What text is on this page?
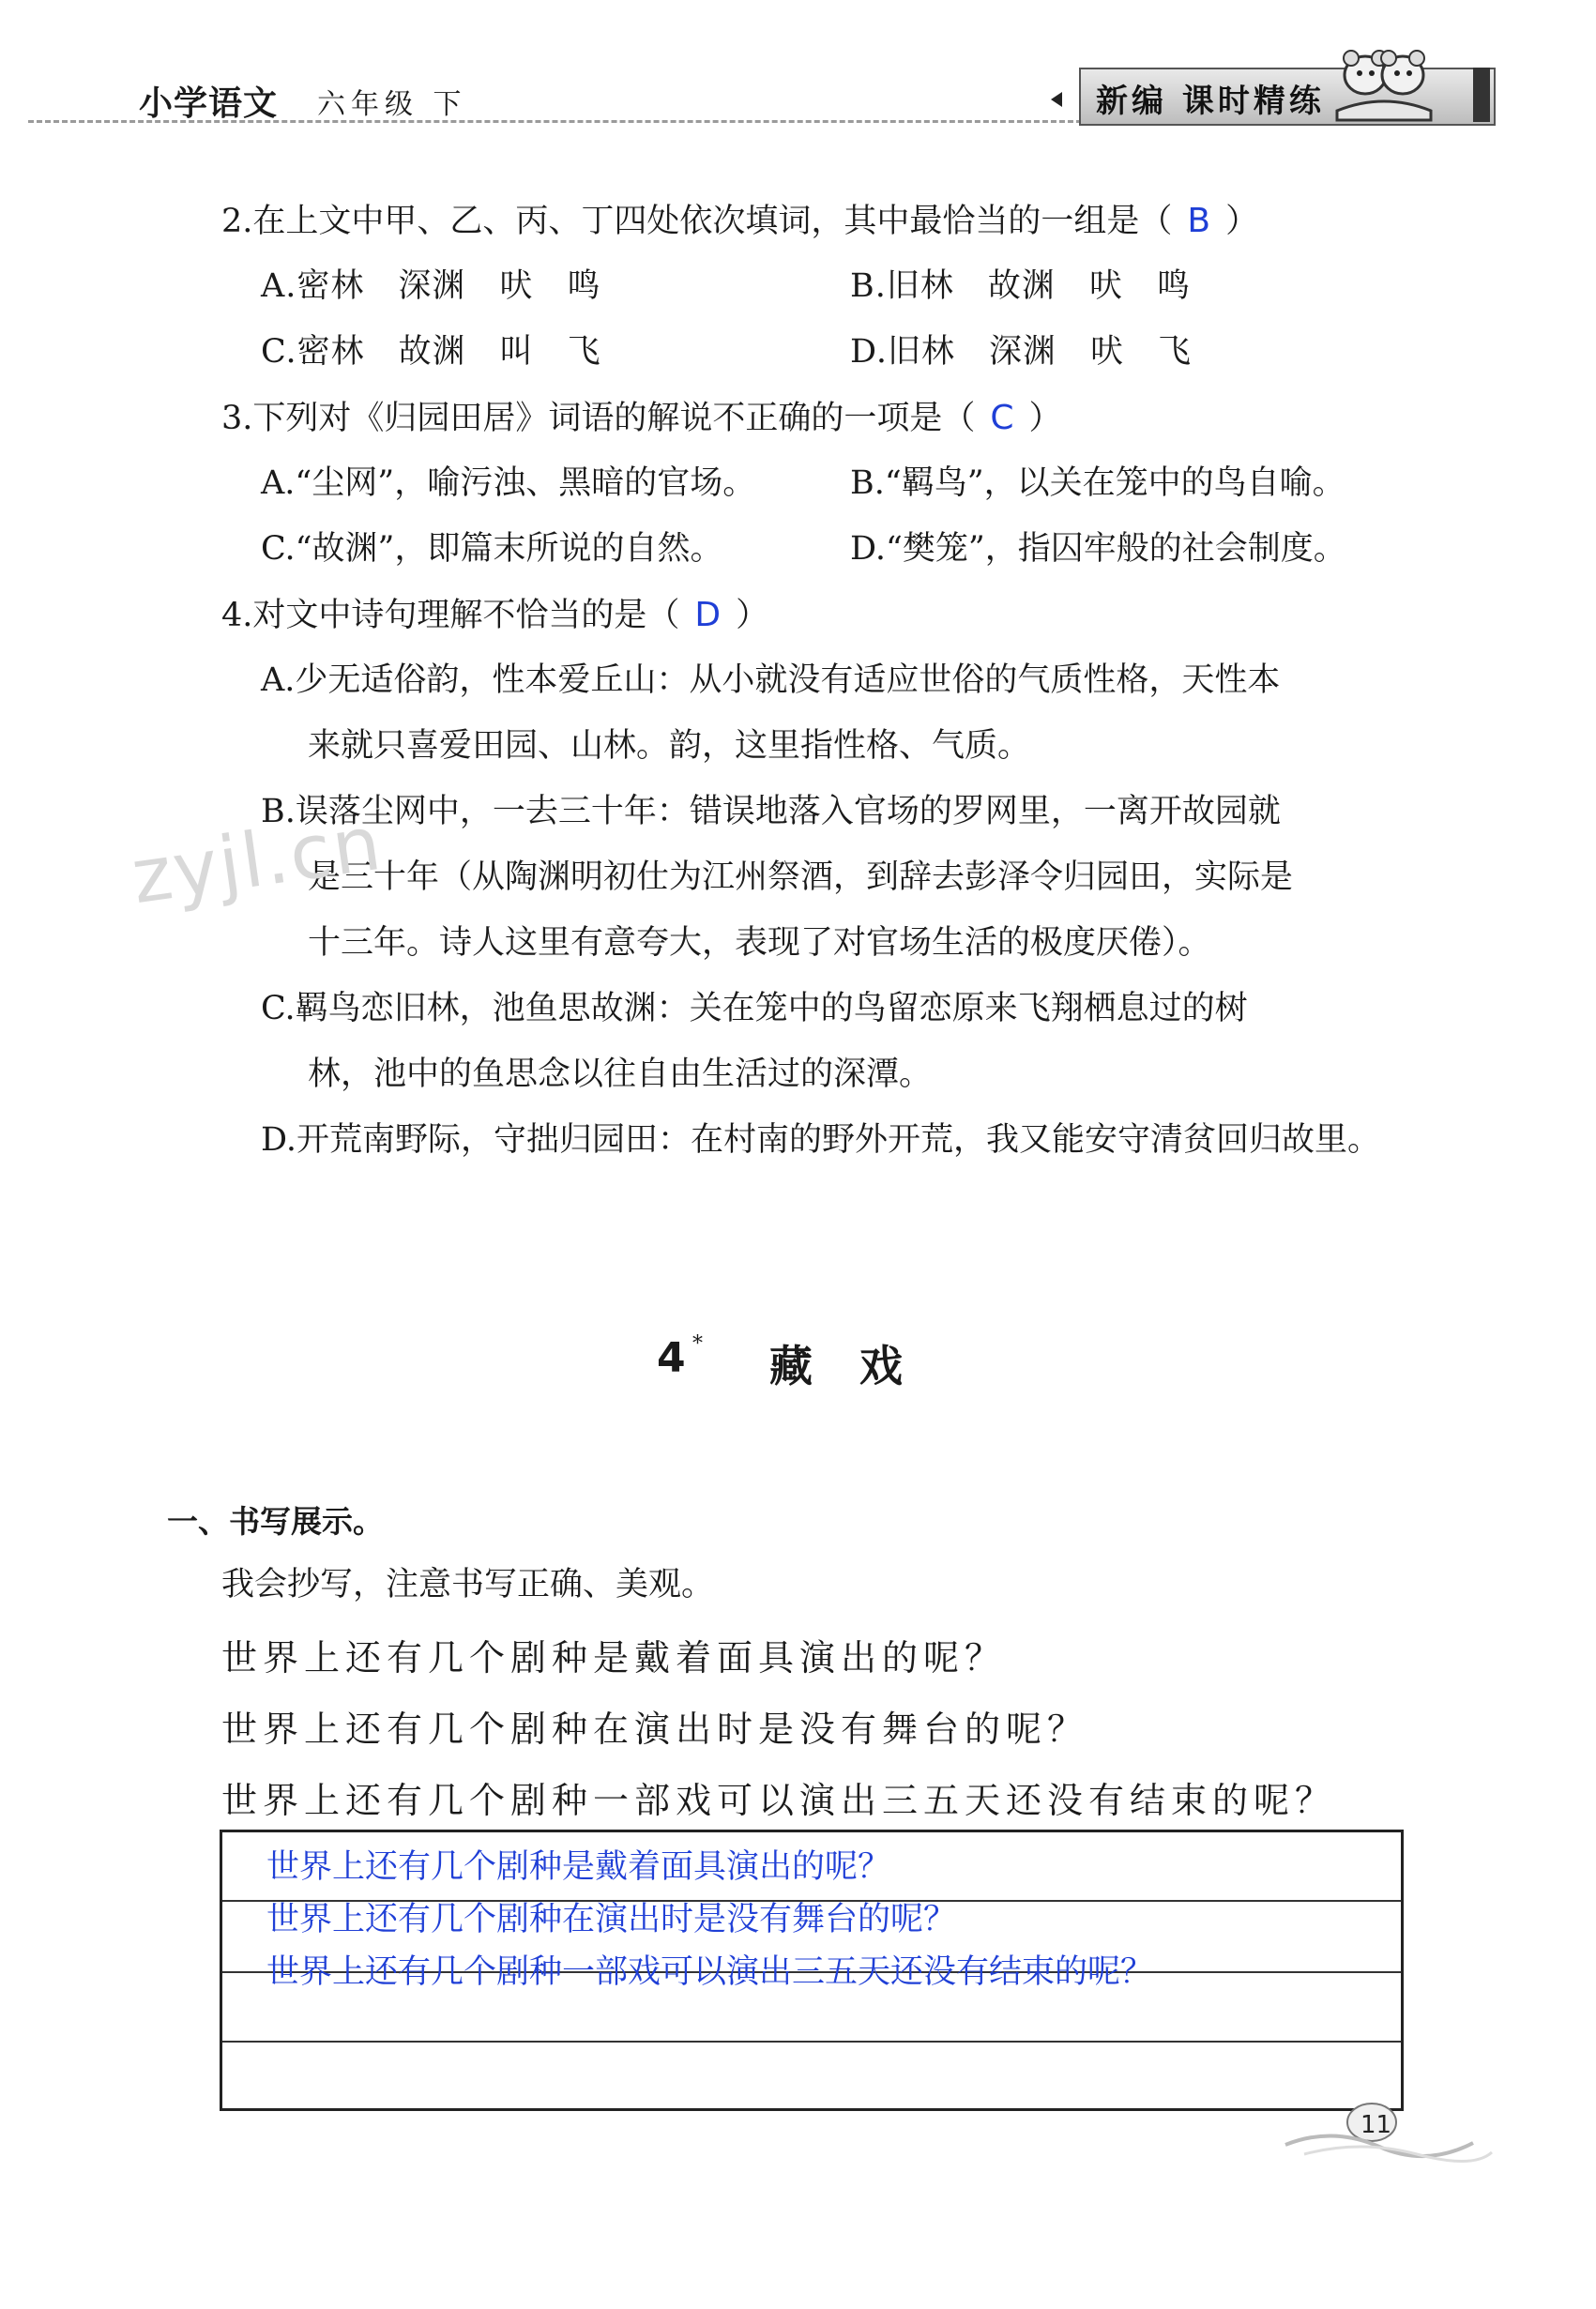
小学语文 六年级 下	新编 课时精练
2.在上文中甲、乙、丙、丁四处依次填词，其中最恰当的一组是（ B ）
A.密林　深渊　吠　鸣	B.旧林　故渊　吠　鸣
C.密林　故渊　叫　飞	D.旧林　深渊　吠　飞
3.下列对《归园田居》词语的解说不正确的一项是（ C ）
A.“尘网”，喻污浊、黑暗的官场。	B.“羁鸟”，以关在笼中的鸟自喻。
C.“故渊”，即篇末所说的自然。	D.“樊笼”，指囚牢般的社会制度。
4.对文中诗句理解不恰当的是（ D ）
A.少无适俗韵，性本爱丘山：从小就没有适应世俗的气质性格，天性本
来就只喜爱田园、山林。韵，这里指性格、气质。
B.误落尘网中，一去三十年：错误地落入官场的罗网里，一离开故园就
是三十年（从陶渊明初仕为江州祭酒，到辞去彭泽令归园田，实际是
十三年。诗人这里有意夸大，表现了对官场生活的极度厌倦）。
C.羁鸟恋旧林，池鱼思故渊：关在笼中的鸟留恋原来飞翔栖息过的树
林，池中的鱼思念以往自由生活过的深潭。
D.开荒南野际，守拙归园田：在村南的野外开荒，我又能安守清贫回归故里。
zyjl.cn
4 * 藏戏
一、书写展示。
我会抄写，注意书写正确、美观。
世界上还有几个剧种是戴着面具演出的呢？
世界上还有几个剧种在演出时是没有舞台的呢？
世界上还有几个剧种一部戏可以演出三五天还没有结束的呢？
世界上还有几个剧种是戴着面具演出的呢？
世界上还有几个剧种在演出时是没有舞台的呢？
世界上还有几个剧种一部戏可以演出三五天还没有结束的呢？
11
